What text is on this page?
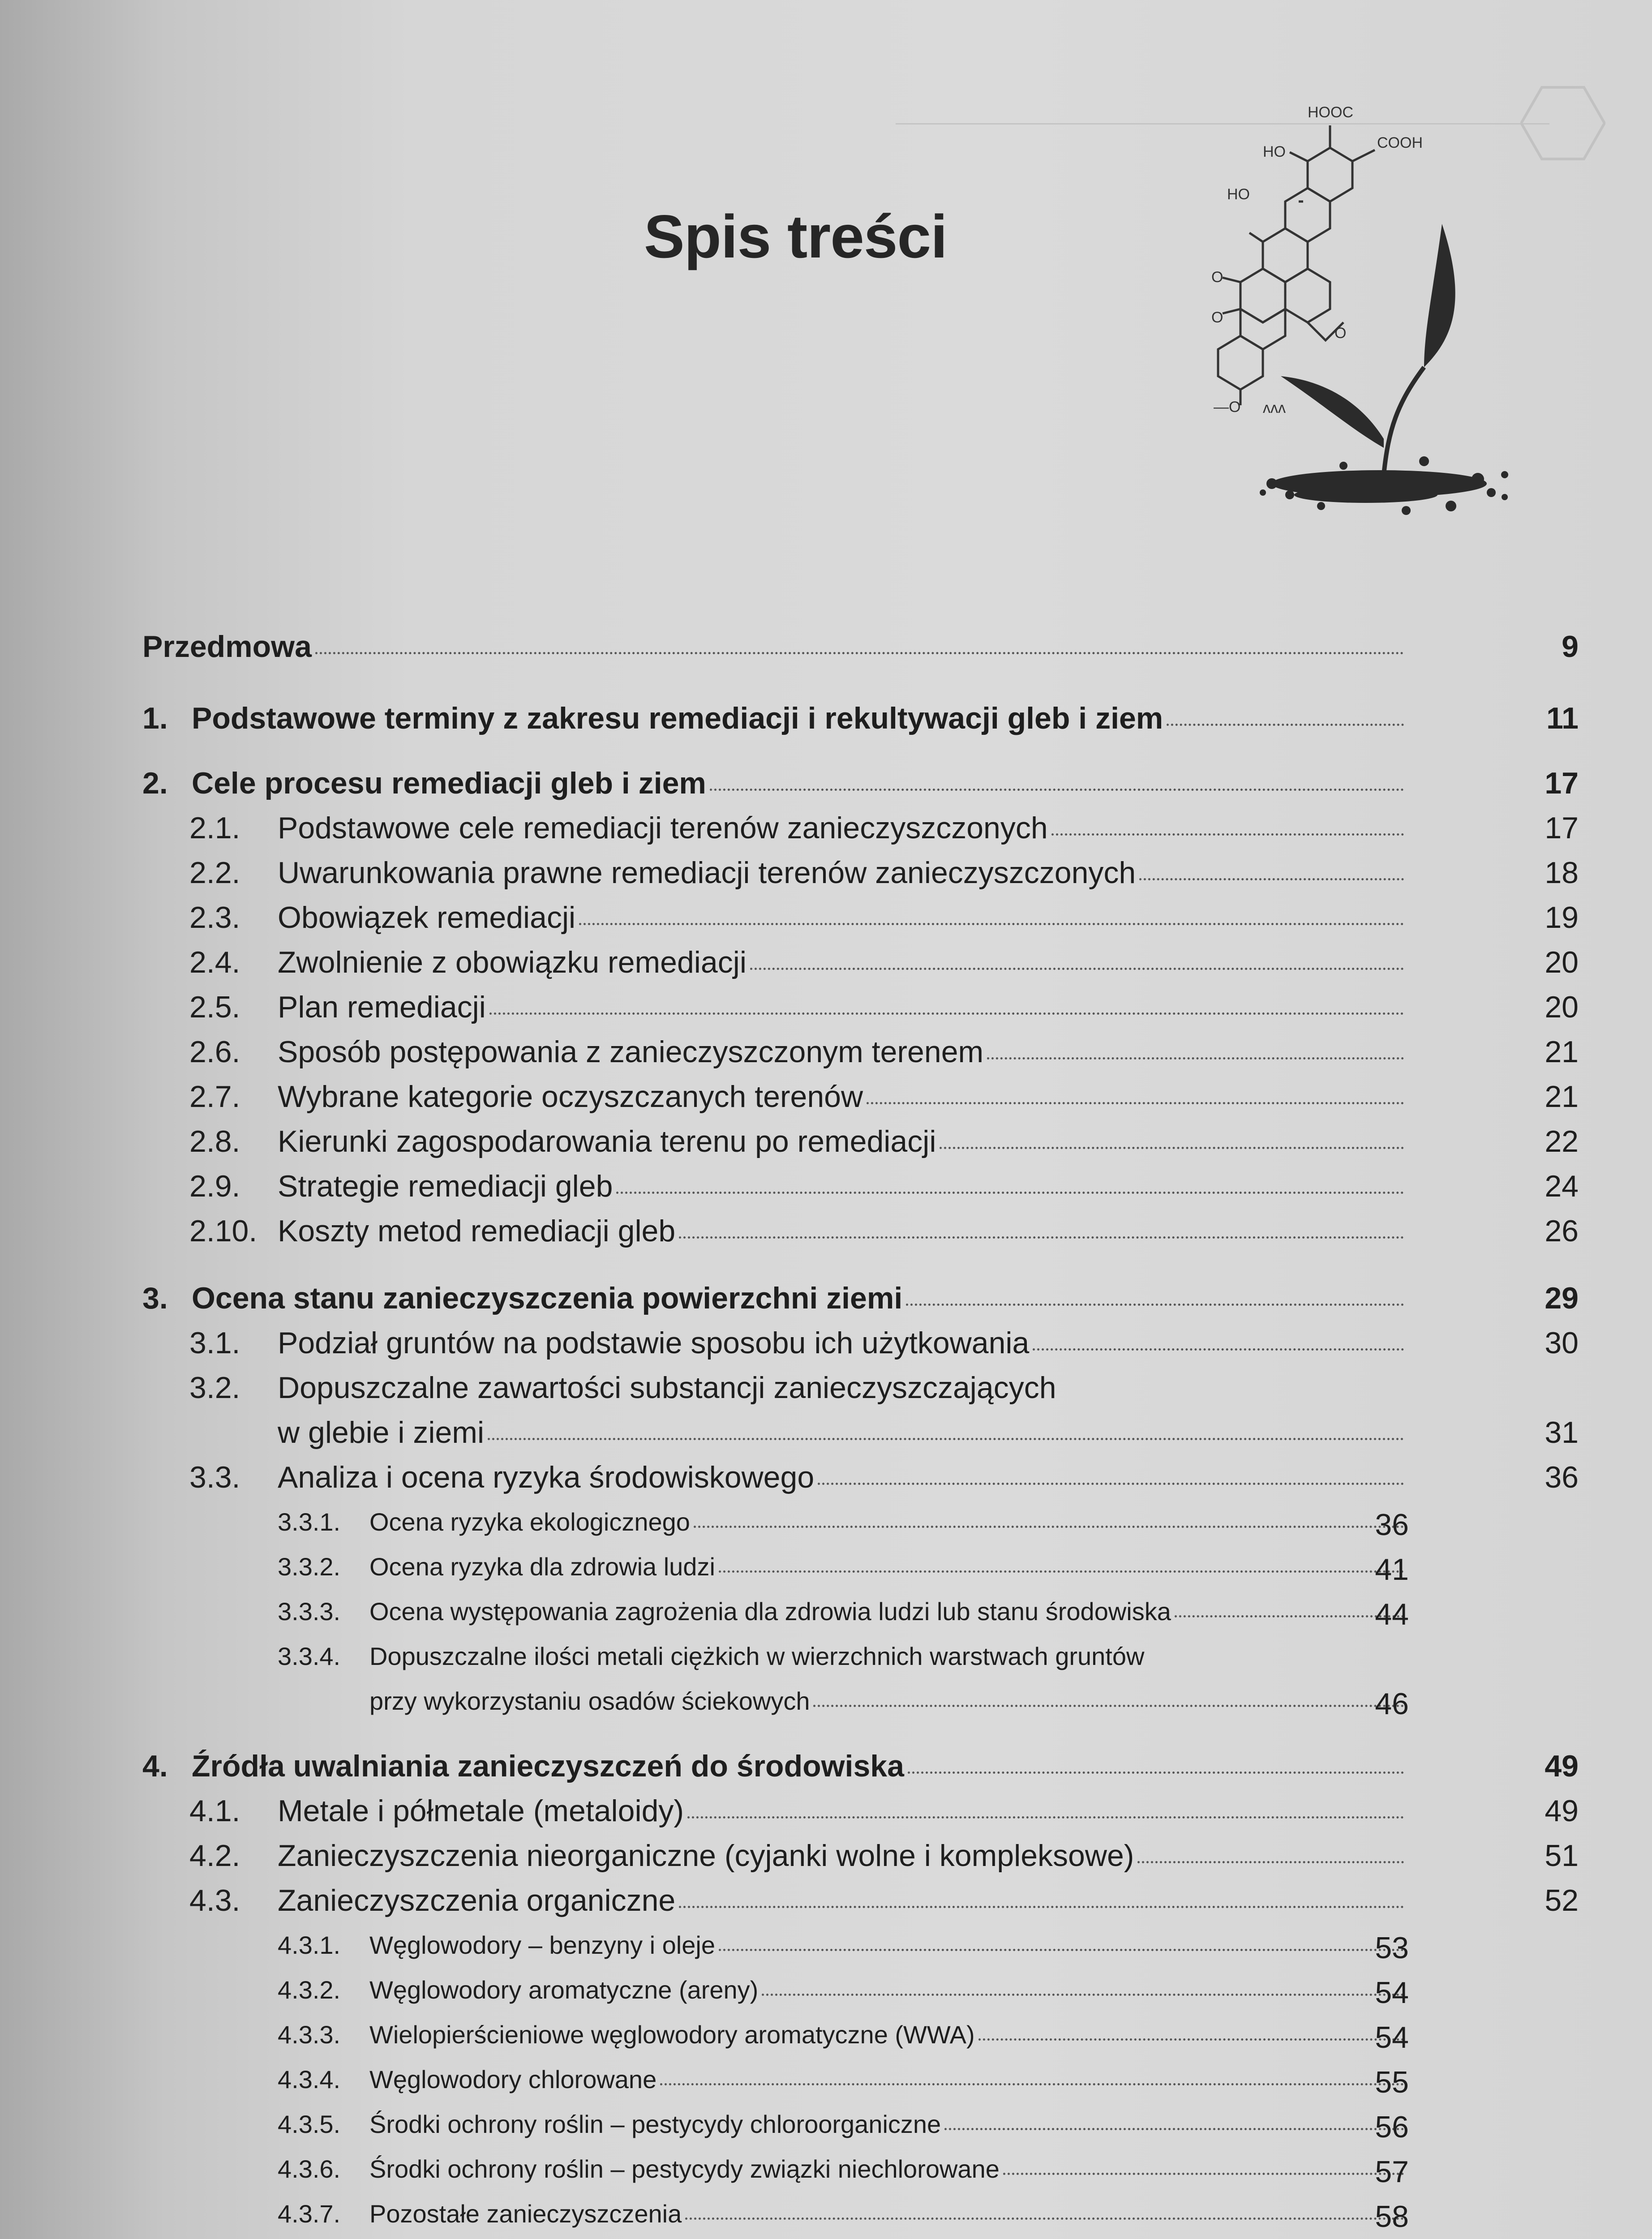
Spis treści
HOOC
HO
COOH
HO
O
O
O
—O ʌʌʌ
Przedmowa	9
1. Podstawowe terminy z zakresu remediacji i rekultywacji gleb i ziem	11
2. Cele procesu remediacji gleb i ziem	17
2.1.	Podstawowe cele remediacji terenów zanieczyszczonych	17
2.2.	Uwarunkowania prawne remediacji terenów zanieczyszczonych	18
2.3.	Obowiązek remediacji	19
2.4.	Zwolnienie z obowiązku remediacji	20
2.5.	Plan remediacji	20
2.6.	Sposób postępowania z zanieczyszczonym terenem	21
2.7.	Wybrane kategorie oczyszczanych terenów	21
2.8.	Kierunki zagospodarowania terenu po remediacji	22
2.9.	Strategie remediacji gleb	24
2.10. Koszty metod remediacji gleb	26
3. Ocena stanu zanieczyszczenia powierzchni ziemi	29
3.1.	Podział gruntów na podstawie sposobu ich użytkowania	30
3.2. Dopuszczalne zawartości substancji zanieczyszczających
w glebie i ziemi	31
3.3.	Analiza i ocena ryzyka środowiskowego	36
3.3.1.	Ocena ryzyka ekologicznego	36
3.3.2.	Ocena ryzyka dla zdrowia ludzi	41
3.3.3.	Ocena występowania zagrożenia dla zdrowia ludzi lub stanu środowiska	44
3.3.4. Dopuszczalne ilości metali ciężkich w wierzchnich warstwach gruntów
przy wykorzystaniu osadów ściekowych	46
4. Źródła uwalniania zanieczyszczeń do środowiska	49
4.1.	Metale i półmetale (metaloidy)	49
4.2.	Zanieczyszczenia nieorganiczne (cyjanki wolne i kompleksowe)	51
4.3.	Zanieczyszczenia organiczne	52
4.3.1.	Węglowodory – benzyny i oleje	53
4.3.2.	Węglowodory aromatyczne (areny)	54
4.3.3.	Wielopierścieniowe węglowodory aromatyczne (WWA)	54
4.3.4.	Węglowodory chlorowane	55
4.3.5.	Środki ochrony roślin – pestycydy chloroorganiczne	56
4.3.6.	Środki ochrony roślin – pestycydy związki niechlorowane	57
4.3.7.	Pozostałe zanieczyszczenia	58
